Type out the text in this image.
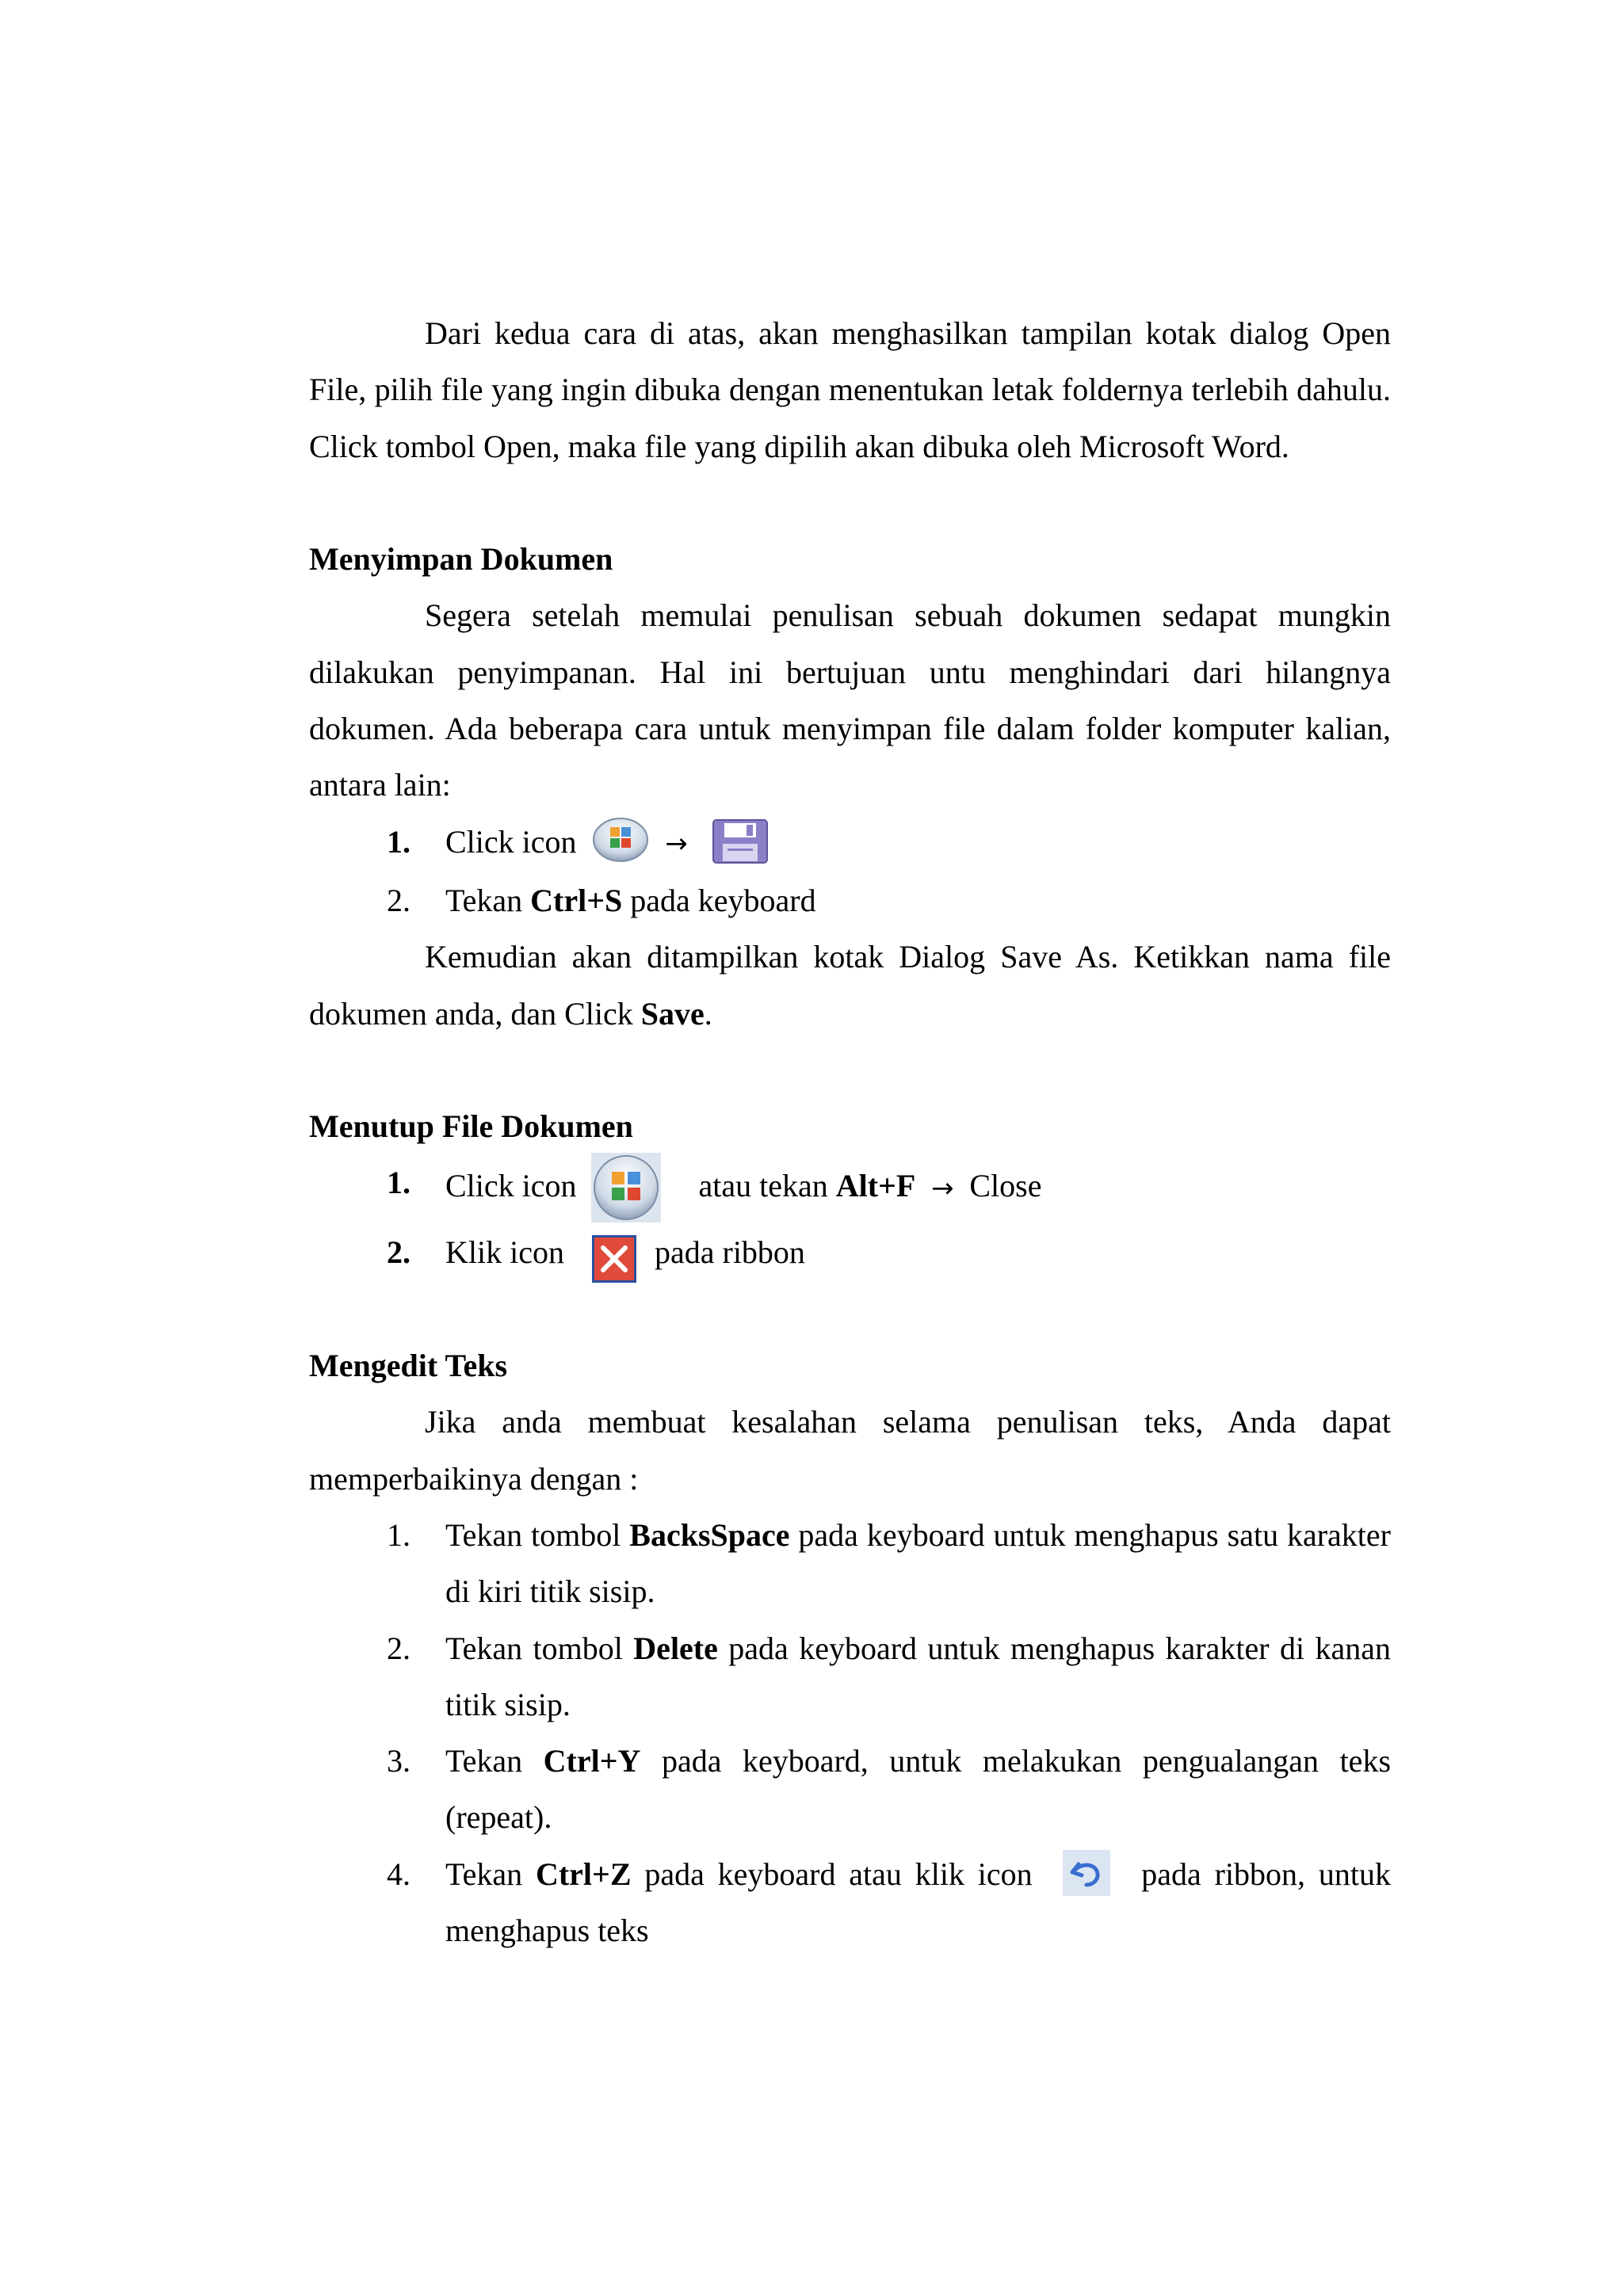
Dari kedua cara di atas, akan menghasilkan tampilan kotak dialog Open File, pilih file yang ingin dibuka dengan menentukan letak foldernya terlebih dahulu. Click tombol Open, maka file yang dipilih akan dibuka oleh Microsoft Word.

Menyimpan Dokumen

Segera setelah memulai penulisan sebuah dokumen sedapat mungkin dilakukan penyimpanan. Hal ini bertujuan untu menghindari dari hilangnya dokumen. Ada beberapa cara untuk menyimpan file dalam folder komputer kalian, antara lain:

1. Click icon	→
2. Tekan Ctrl+S pada keyboard

Kemudian akan ditampilkan kotak Dialog Save As. Ketikkan nama file dokumen anda, dan Click Save.

Menutup File Dokumen
1. Click icon	atau tekan Alt+F → Close
2. Klik icon	pada ribbon
Mengedit Teks

Jika anda membuat kesalahan selama penulisan teks, Anda dapat memperbaikinya dengan :

1. Tekan tombol BacksSpace pada keyboard untuk menghapus satu karakter di kiri titik sisip.
2. Tekan tombol Delete pada keyboard untuk menghapus karakter di kanan titik sisip.
3. Tekan Ctrl+Y pada keyboard, untuk melakukan pengualangan teks (repeat).
4. Tekan Ctrl+Z pada keyboard atau klik icon	pada ribbon, untuk menghapus teks
